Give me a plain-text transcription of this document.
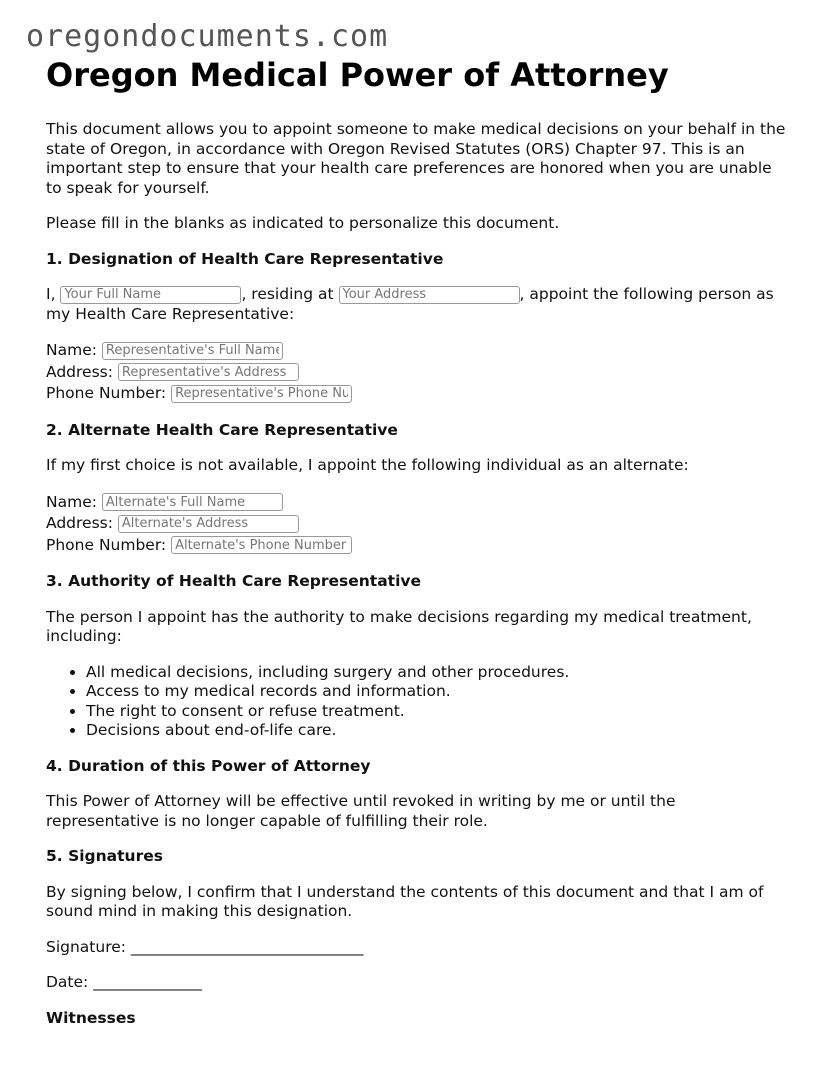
oregondocuments.com
Oregon Medical Power of Attorney

This document allows you to appoint someone to make medical decisions on your behalf in the state of Oregon, in accordance with Oregon Revised Statutes (ORS) Chapter 97. This is an important step to ensure that your health care preferences are honored when you are unable to speak for yourself.

Please fill in the blanks as indicated to personalize this document.

1. Designation of Health Care Representative

I, Your Full Name	, residing at Your Address	, appoint the following person as my Health Care Representative:

Name: Representative's Full Name
Address: Representative's Address
Phone Number: Representative's Phone Number
2. Alternate Health Care Representative

If my first choice is not available, I appoint the following individual as an alternate:

Name: Alternate's Full Name
Address: Alternate's Address
Phone Number: Alternate's Phone Number
3. Authority of Health Care Representative

The person I appoint has the authority to make decisions regarding my medical treatment, including:

• All medical decisions, including surgery and other procedures.
• Access to my medical records and information.
• The right to consent or refuse treatment.
• Decisions about end-of-life care.
4. Duration of this Power of Attorney

This Power of Attorney will be effective until revoked in writing by me or until the representative is no longer capable of fulfilling their role.

5. Signatures

By signing below, I confirm that I understand the contents of this document and that I am of sound mind in making this designation.

Signature: ______________________________
Date: ______________
Witnesses
